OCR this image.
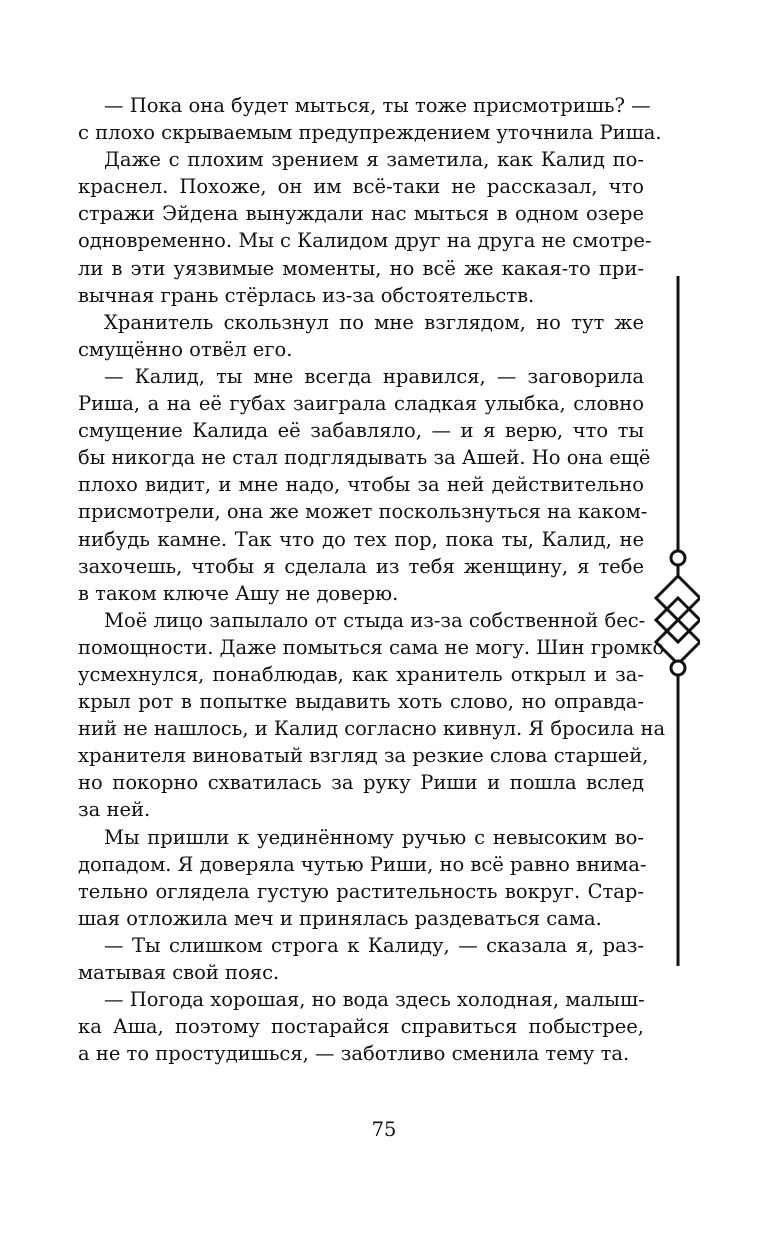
— Пока она будет мыться, ты тоже присмотришь? —
с плохо скрываемым предупреждением уточнила Риша.
Даже с плохим зрением я заметила, как Калид по-
краснел. Похоже, он им всё-таки не рассказал, что
стражи Эйдена вынуждали нас мыться в одном озере
одновременно. Мы с Калидом друг на друга не смотре-
ли в эти уязвимые моменты, но всё же какая-то при-
вычная грань стёрлась из-за обстоятельств.
Хранитель скользнул по мне взглядом, но тут же
смущённо отвёл его.
— Калид, ты мне всегда нравился, — заговорила
Риша, а на её губах заиграла сладкая улыбка, словно
смущение Калида её забавляло, — и я верю, что ты
бы никогда не стал подглядывать за Ашей. Но она ещё
плохо видит, и мне надо, чтобы за ней действительно
присмотрели, она же может поскользнуться на каком-
нибудь камне. Так что до тех пор, пока ты, Калид, не
захочешь, чтобы я сделала из тебя женщину, я тебе
в таком ключе Ашу не доверю.
Моё лицо запылало от стыда из-за собственной бес-
помощности. Даже помыться сама не могу. Шин громко
усмехнулся, понаблюдав, как хранитель открыл и за-
крыл рот в попытке выдавить хоть слово, но оправда-
ний не нашлось, и Калид согласно кивнул. Я бросила на
хранителя виноватый взгляд за резкие слова старшей,
но покорно схватилась за руку Риши и пошла вслед
за ней.
Мы пришли к уединённому ручью с невысоким во-
допадом. Я доверяла чутью Риши, но всё равно внима-
тельно оглядела густую растительность вокруг. Стар-
шая отложила меч и принялась раздеваться сама.
— Ты слишком строга к Калиду, — сказала я, раз-
матывая свой пояс.
— Погода хорошая, но вода здесь холодная, малыш-
ка Аша, поэтому постарайся справиться побыстрее,
а не то простудишься, — заботливо сменила тему та.
75
